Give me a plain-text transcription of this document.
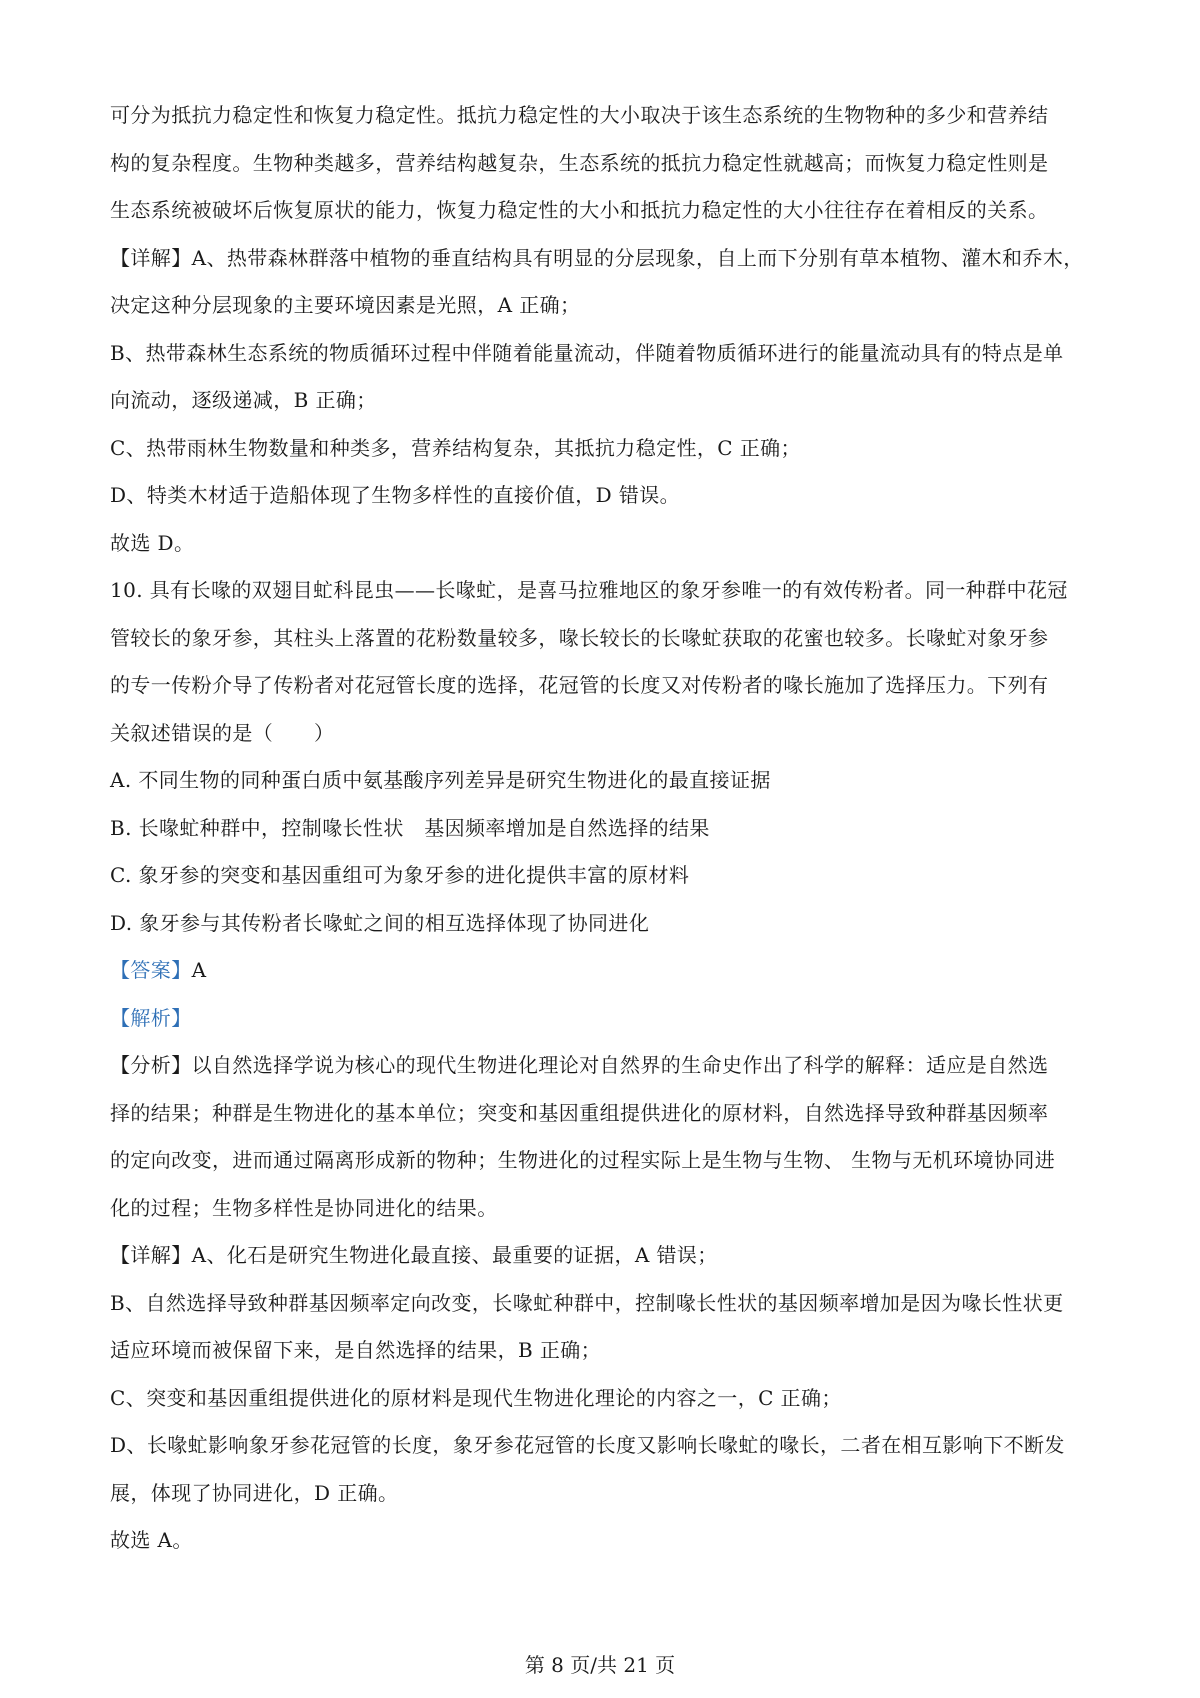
可分为抵抗力稳定性和恢复力稳定性。抵抗力稳定性的大小取决于该生态系统的生物物种的多少和营养结
构的复杂程度。生物种类越多，营养结构越复杂，生态系统的抵抗力稳定性就越高；而恢复力稳定性则是
生态系统被破坏后恢复原状的能力，恢复力稳定性的大小和抵抗力稳定性的大小往往存在着相反的关系。
【详解】A、热带森林群落中植物的垂直结构具有明显的分层现象，自上而下分别有草本植物、灌木和乔木，
决定这种分层现象的主要环境因素是光照，A 正确；
B、热带森林生态系统的物质循环过程中伴随着能量流动，伴随着物质循环进行的能量流动具有的特点是单
向流动，逐级递减，B 正确；
C、热带雨林生物数量和种类多，营养结构复杂，其抵抗力稳定性，C 正确；
D、特类木材适于造船体现了生物多样性的直接价值，D 错误。
故选 D。
10. 具有长喙的双翅目虻科昆虫——长喙虻，是喜马拉雅地区的象牙参唯一的有效传粉者。同一种群中花冠
管较长的象牙参，其柱头上落置的花粉数量较多，喙长较长的长喙虻获取的花蜜也较多。长喙虻对象牙参
的专一传粉介导了传粉者对花冠管长度的选择，花冠管的长度又对传粉者的喙长施加了选择压力。下列有
关叙述错误的是（　　）
A. 不同生物的同种蛋白质中氨基酸序列差异是研究生物进化的最直接证据
B. 长喙虻种群中，控制喙长性状　基因频率增加是自然选择的结果
C. 象牙参的突变和基因重组可为象牙参的进化提供丰富的原材料
D. 象牙参与其传粉者长喙虻之间的相互选择体现了协同进化
【答案】A
【解析】
【分析】以自然选择学说为核心的现代生物进化理论对自然界的生命史作出了科学的解释：适应是自然选
择的结果；种群是生物进化的基本单位；突变和基因重组提供进化的原材料，自然选择导致种群基因频率
的定向改变，进而通过隔离形成新的物种；生物进化的过程实际上是生物与生物、 生物与无机环境协同进
化的过程；生物多样性是协同进化的结果。
【详解】A、化石是研究生物进化最直接、最重要的证据，A 错误；
B、自然选择导致种群基因频率定向改变，长喙虻种群中，控制喙长性状的基因频率增加是因为喙长性状更
适应环境而被保留下来，是自然选择的结果，B 正确；
C、突变和基因重组提供进化的原材料是现代生物进化理论的内容之一，C 正确；
D、长喙虻影响象牙参花冠管的长度，象牙参花冠管的长度又影响长喙虻的喙长，二者在相互影响下不断发
展，体现了协同进化，D 正确。
故选 A。
第 8 页/共 21 页
